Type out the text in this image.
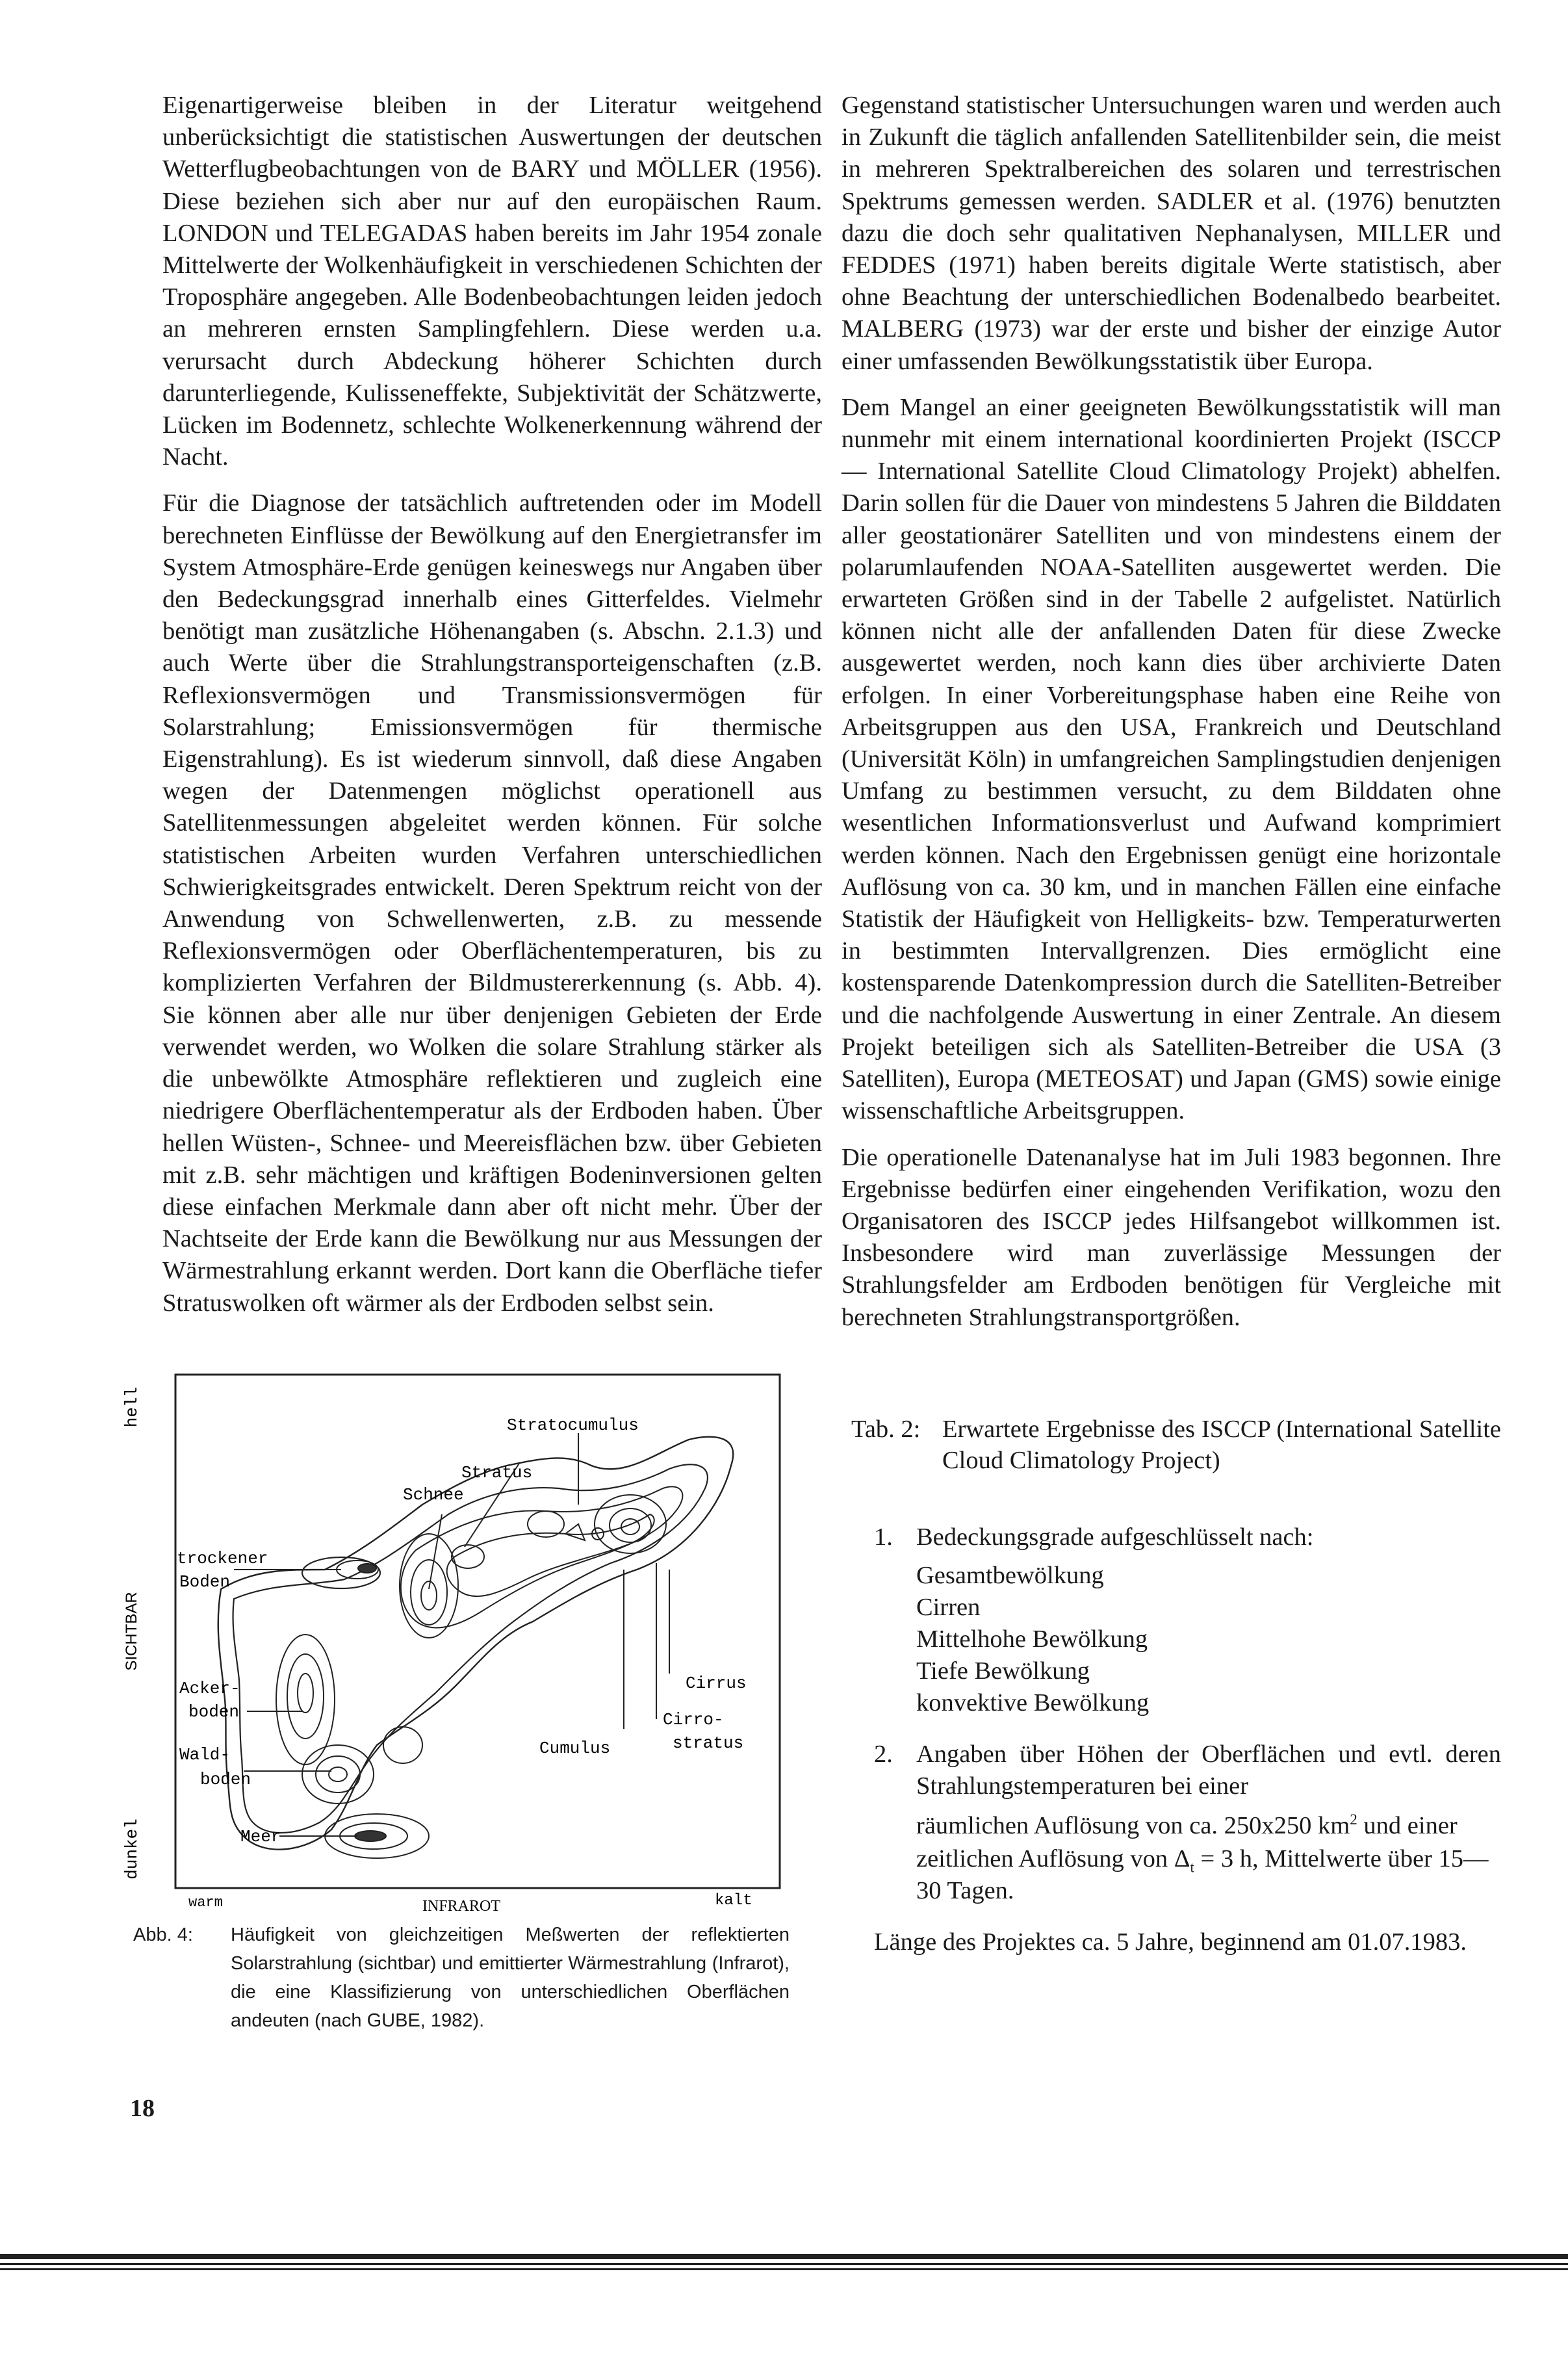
Eigenartigerweise bleiben in der Literatur weitgehend unberücksichtigt die statistischen Auswertungen der deutschen Wetterflugbeobachtungen von de BARY und MÖLLER (1956). Diese beziehen sich aber nur auf den europäischen Raum. LONDON und TELEGADAS haben bereits im Jahr 1954 zonale Mittelwerte der Wolkenhäufigkeit in verschiedenen Schichten der Troposphäre angegeben. Alle Bodenbeobachtungen leiden jedoch an mehreren ernsten Samplingfehlern. Diese werden u.a. verursacht durch Abdeckung höherer Schichten durch darunterliegende, Kulisseneffekte, Subjektivität der Schätzwerte, Lücken im Bodennetz, schlechte Wolkenerkennung während der Nacht.

Für die Diagnose der tatsächlich auftretenden oder im Modell berechneten Einflüsse der Bewölkung auf den Energietransfer im System Atmosphäre-Erde genügen keineswegs nur Angaben über den Bedeckungsgrad innerhalb eines Gitterfeldes. Vielmehr benötigt man zusätzliche Höhenangaben (s. Abschn. 2.1.3) und auch Werte über die Strahlungstransporteigenschaften (z.B. Reflexionsvermögen und Transmissionsvermögen für Solarstrahlung; Emissionsvermögen für thermische Eigenstrahlung). Es ist wiederum sinnvoll, daß diese Angaben wegen der Datenmengen möglichst operationell aus Satellitenmessungen abgeleitet werden können. Für solche statistischen Arbeiten wurden Verfahren unterschiedlichen Schwierigkeitsgrades entwickelt. Deren Spektrum reicht von der Anwendung von Schwellenwerten, z.B. zu messende Reflexionsvermögen oder Oberflächentemperaturen, bis zu komplizierten Verfahren der Bildmustererkennung (s. Abb. 4). Sie können aber alle nur über denjenigen Gebieten der Erde verwendet werden, wo Wolken die solare Strahlung stärker als die unbewölkte Atmosphäre reflektieren und zugleich eine niedrigere Oberflächentemperatur als der Erdboden haben. Über hellen Wüsten-, Schnee- und Meereisflächen bzw. über Gebieten mit z.B. sehr mächtigen und kräftigen Bodeninversionen gelten diese einfachen Merkmale dann aber oft nicht mehr. Über der Nachtseite der Erde kann die Bewölkung nur aus Messungen der Wärmestrahlung erkannt werden. Dort kann die Oberfläche tiefer Stratuswolken oft wärmer als der Erdboden selbst sein.

Gegenstand statistischer Untersuchungen waren und werden auch in Zukunft die täglich anfallenden Satellitenbilder sein, die meist in mehreren Spektralbereichen des solaren und terrestrischen Spektrums gemessen werden. SADLER et al. (1976) benutzten dazu die doch sehr qualitativen Nephanalysen, MILLER und FEDDES (1971) haben bereits digitale Werte statistisch, aber ohne Beachtung der unterschiedlichen Bodenalbedo bearbeitet. MALBERG (1973) war der erste und bisher der einzige Autor einer umfassenden Bewölkungsstatistik über Europa.

Dem Mangel an einer geeigneten Bewölkungsstatistik will man nunmehr mit einem international koordinierten Projekt (ISCCP — International Satellite Cloud Climatology Projekt) abhelfen. Darin sollen für die Dauer von mindestens 5 Jahren die Bilddaten aller geostationärer Satelliten und von mindestens einem der polarumlaufenden NOAA-Satelliten ausgewertet werden. Die erwarteten Größen sind in der Tabelle 2 aufgelistet. Natürlich können nicht alle der anfallenden Daten für diese Zwecke ausgewertet werden, noch kann dies über archivierte Daten erfolgen. In einer Vorbereitungsphase haben eine Reihe von Arbeitsgruppen aus den USA, Frankreich und Deutschland (Universität Köln) in umfangreichen Samplingstudien denjenigen Umfang zu bestimmen versucht, zu dem Bilddaten ohne wesentlichen Informationsverlust und Aufwand komprimiert werden können. Nach den Ergebnissen genügt eine horizontale Auflösung von ca. 30 km, und in manchen Fällen eine einfache Statistik der Häufigkeit von Helligkeits- bzw. Temperaturwerten in bestimmten Intervallgrenzen. Dies ermöglicht eine kostensparende Datenkompression durch die Satelliten-Betreiber und die nachfolgende Auswertung in einer Zentrale. An diesem Projekt beteiligen sich als Satelliten-Betreiber die USA (3 Satelliten), Europa (METEOSAT) und Japan (GMS) sowie einige wissenschaftliche Arbeitsgruppen.

Die operationelle Datenanalyse hat im Juli 1983 begonnen. Ihre Ergebnisse bedürfen einer eingehenden Verifikation, wozu den Organisatoren des ISCCP jedes Hilfsangebot willkommen ist. Insbesondere wird man zuverlässige Messungen der Strahlungsfelder am Erdboden benötigen für Vergleiche mit berechneten Strahlungstransportgrößen.

hell
SICHTBAR
dunkel
warm	INFRAROT	kalt
Stratocumulus
Stratus
Schnee
trockener
Boden
Acker-
boden
Wald-
boden
Meer
Cirrus
Cirro-
stratus
Cumulus
Abb. 4: Häufigkeit von gleichzeitigen Meßwerten der reflektierten Solarstrahlung (sichtbar) und emittierter Wärmestrahlung (Infrarot), die eine Klassifizierung von unterschiedlichen Oberflächen andeuten (nach GUBE, 1982).
Tab. 2: Erwartete Ergebnisse des ISCCP (International Satellite Cloud Climatology Project)
1. Bedeckungsgrade aufgeschlüsselt nach:
Gesamtbewölkung
Cirren
Mittelhohe Bewölkung
Tiefe Bewölkung
konvektive Bewölkung
2. Angaben über Höhen der Oberflächen und evtl. deren Strahlungstemperaturen bei einer
räumlichen Auflösung von ca. 250x250 $km^2$ und einer
zeitlichen Auflösung von $\Delta_t = 3$ h, Mittelwerte über 15—30 Tagen.
Länge des Projektes ca. 5 Jahre, beginnend am 01.07.1983.
18
